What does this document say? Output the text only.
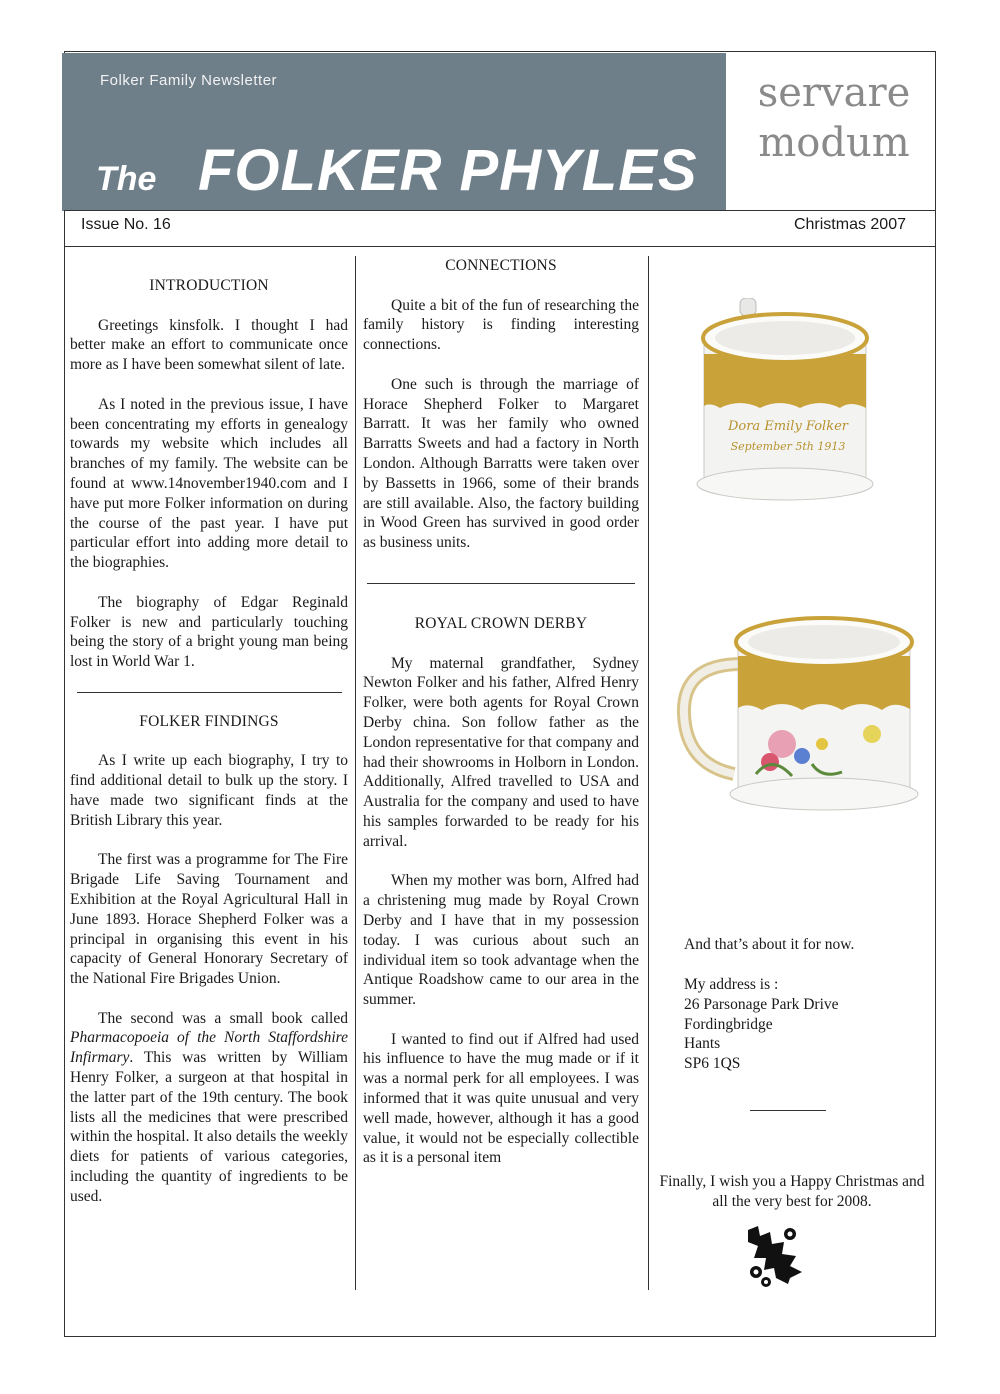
Folker Family Newsletter
The FOLKER PHYLES
servare
modum
Issue No. 16	Christmas 2007
INTRODUCTION

Greetings kinsfolk. I thought I had better make an effort to communicate once more as I have been somewhat silent of late.

As I noted in the previous issue, I have been concentrating my efforts in genealogy towards my website which includes all branches of my family. The website can be found at www.14november1940.com and I have put more Folker information on during the course of the past year. I have put particular effort into adding more detail to the biographies.

The biography of Edgar Reginald Folker is new and particularly touching being the story of a bright young man being lost in World War 1.

FOLKER FINDINGS

As I write up each biography, I try to find additional detail to bulk up the story. I have made two significant finds at the British Library this year.

The first was a programme for The Fire Brigade Life Saving Tournament and Exhibition at the Royal Agricultural Hall in June 1893. Horace Shepherd Folker was a principal in organising this event in his capacity of General Honorary Secretary of the National Fire Brigades Union.

The second was a small book called Pharmacopoeia of the North Staffordshire Infirmary. This was written by William Henry Folker, a surgeon at that hospital in the latter part of the 19th century. The book lists all the medicines that were prescribed within the hospital. It also details the weekly diets for patients of various categories, including the quantity of ingredients to be used.

CONNECTIONS

Quite a bit of the fun of researching the family history is finding interesting connections.

One such is through the marriage of Horace Shepherd Folker to Margaret Barratt. It was her family who owned Barratts Sweets and had a factory in North London. Although Barratts were taken over by Bassetts in 1966, some of their brands are still available. Also, the factory building in Wood Green has survived in good order as business units.

ROYAL CROWN DERBY

My maternal grandfather, Sydney Newton Folker and his father, Alfred Henry Folker, were both agents for Royal Crown Derby china. Son follow father as the London representative for that company and had their showrooms in Holborn in London. Additionally, Alfred travelled to USA and Australia for the company and used to have his samples forwarded to be ready for his arrival.

When my mother was born, Alfred had a christening mug made by Royal Crown Derby and I have that in my possession today. I was curious about such an individual item so took advantage when the Antique Roadshow came to our area in the summer.

I wanted to find out if Alfred had used his influence to have the mug made or if it was a normal perk for all employees. I was informed that it was quite unusual and very well made, however, although it has a good value, it would not be especially collectible as it is a personal item

Dora Emily Folker
September 5th 1913
And that’s about it for now.
My address is :
26 Parsonage Park Drive
Fordingbridge
Hants
SP6 1QS
Finally, I wish you a Happy Christmas and all the very best for 2008.
